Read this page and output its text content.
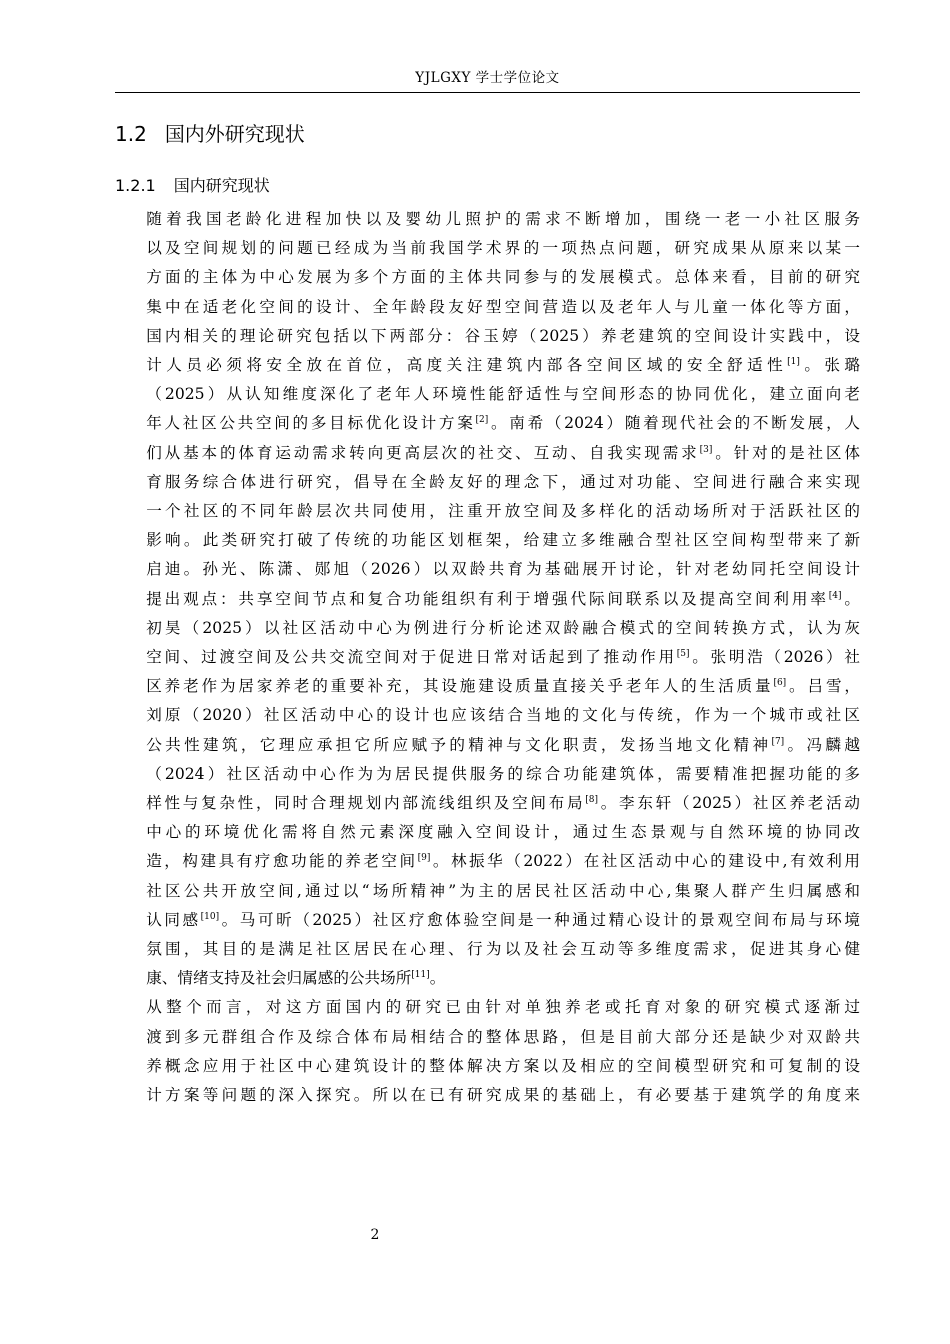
YJLGXY 学士学位论文
1.2 国内外研究现状
1.2.1 国内研究现状

随着我国老龄化进程加快以及婴幼儿照护的需求不断增加，围绕一老一小社区服务
以及空间规划的问题已经成为当前我国学术界的一项热点问题，研究成果从原来以某一
方面的主体为中心发展为多个方面的主体共同参与的发展模式。总体来看，目前的研究
集中在适老化空间的设计、全年龄段友好型空间营造以及老年人与儿童一体化等方面，
国内相关的理论研究包括以下两部分：谷玉婷（2025）养老建筑的空间设计实践中，设
计人员必须将安全放在首位，高度关注建筑内部各空间区域的安全舒适性[1]。张璐
（2025）从认知维度深化了老年人环境性能舒适性与空间形态的协同优化，建立面向老
年人社区公共空间的多目标优化设计方案[2]。南希（2024）随着现代社会的不断发展，人
们从基本的体育运动需求转向更高层次的社交、互动、自我实现需求[3]。针对的是社区体
育服务综合体进行研究，倡导在全龄友好的理念下，通过对功能、空间进行融合来实现
一个社区的不同年龄层次共同使用，注重开放空间及多样化的活动场所对于活跃社区的
影响。此类研究打破了传统的功能区划框架，给建立多维融合型社区空间构型带来了新
启迪。孙光、陈潇、郧旭（2026）以双龄共育为基础展开讨论，针对老幼同托空间设计
提出观点：共享空间节点和复合功能组织有利于增强代际间联系以及提高空间利用率[4]。
初昊（2025）以社区活动中心为例进行分析论述双龄融合模式的空间转换方式，认为灰
空间、过渡空间及公共交流空间对于促进日常对话起到了推动作用[5]。张明浩（2026）社
区养老作为居家养老的重要补充，其设施建设质量直接关乎老年人的生活质量[6]。吕雪，
刘原（2020）社区活动中心的设计也应该结合当地的文化与传统，作为一个城市或社区
公共性建筑，它理应承担它所应赋予的精神与文化职责，发扬当地文化精神[7]。冯麟越
（2024）社区活动中心作为为居民提供服务的综合功能建筑体，需要精准把握功能的多
样性与复杂性，同时合理规划内部流线组织及空间布局[8]。李东轩（2025）社区养老活动
中心的环境优化需将自然元素深度融入空间设计，通过生态景观与自然环境的协同改
造，构建具有疗愈功能的养老空间[9]。林振华（2022）在社区活动中心的建设中,有效利用
社区公共开放空间,通过以“场所精神”为主的居民社区活动中心,集聚人群产生归属感和
认同感[10]。马可昕（2025）社区疗愈体验空间是一种通过精心设计的景观空间布局与环境
氛围，其目的是满足社区居民在心理、行为以及社会互动等多维度需求，促进其身心健
康、情绪支持及社会归属感的公共场所[11]。

从整个而言，对这方面国内的研究已由针对单独养老或托育对象的研究模式逐渐过
渡到多元群组合作及综合体布局相结合的整体思路，但是目前大部分还是缺少对双龄共
养概念应用于社区中心建筑设计的整体解决方案以及相应的空间模型研究和可复制的设
计方案等问题的深入探究。所以在已有研究成果的基础上，有必要基于建筑学的角度来

2
